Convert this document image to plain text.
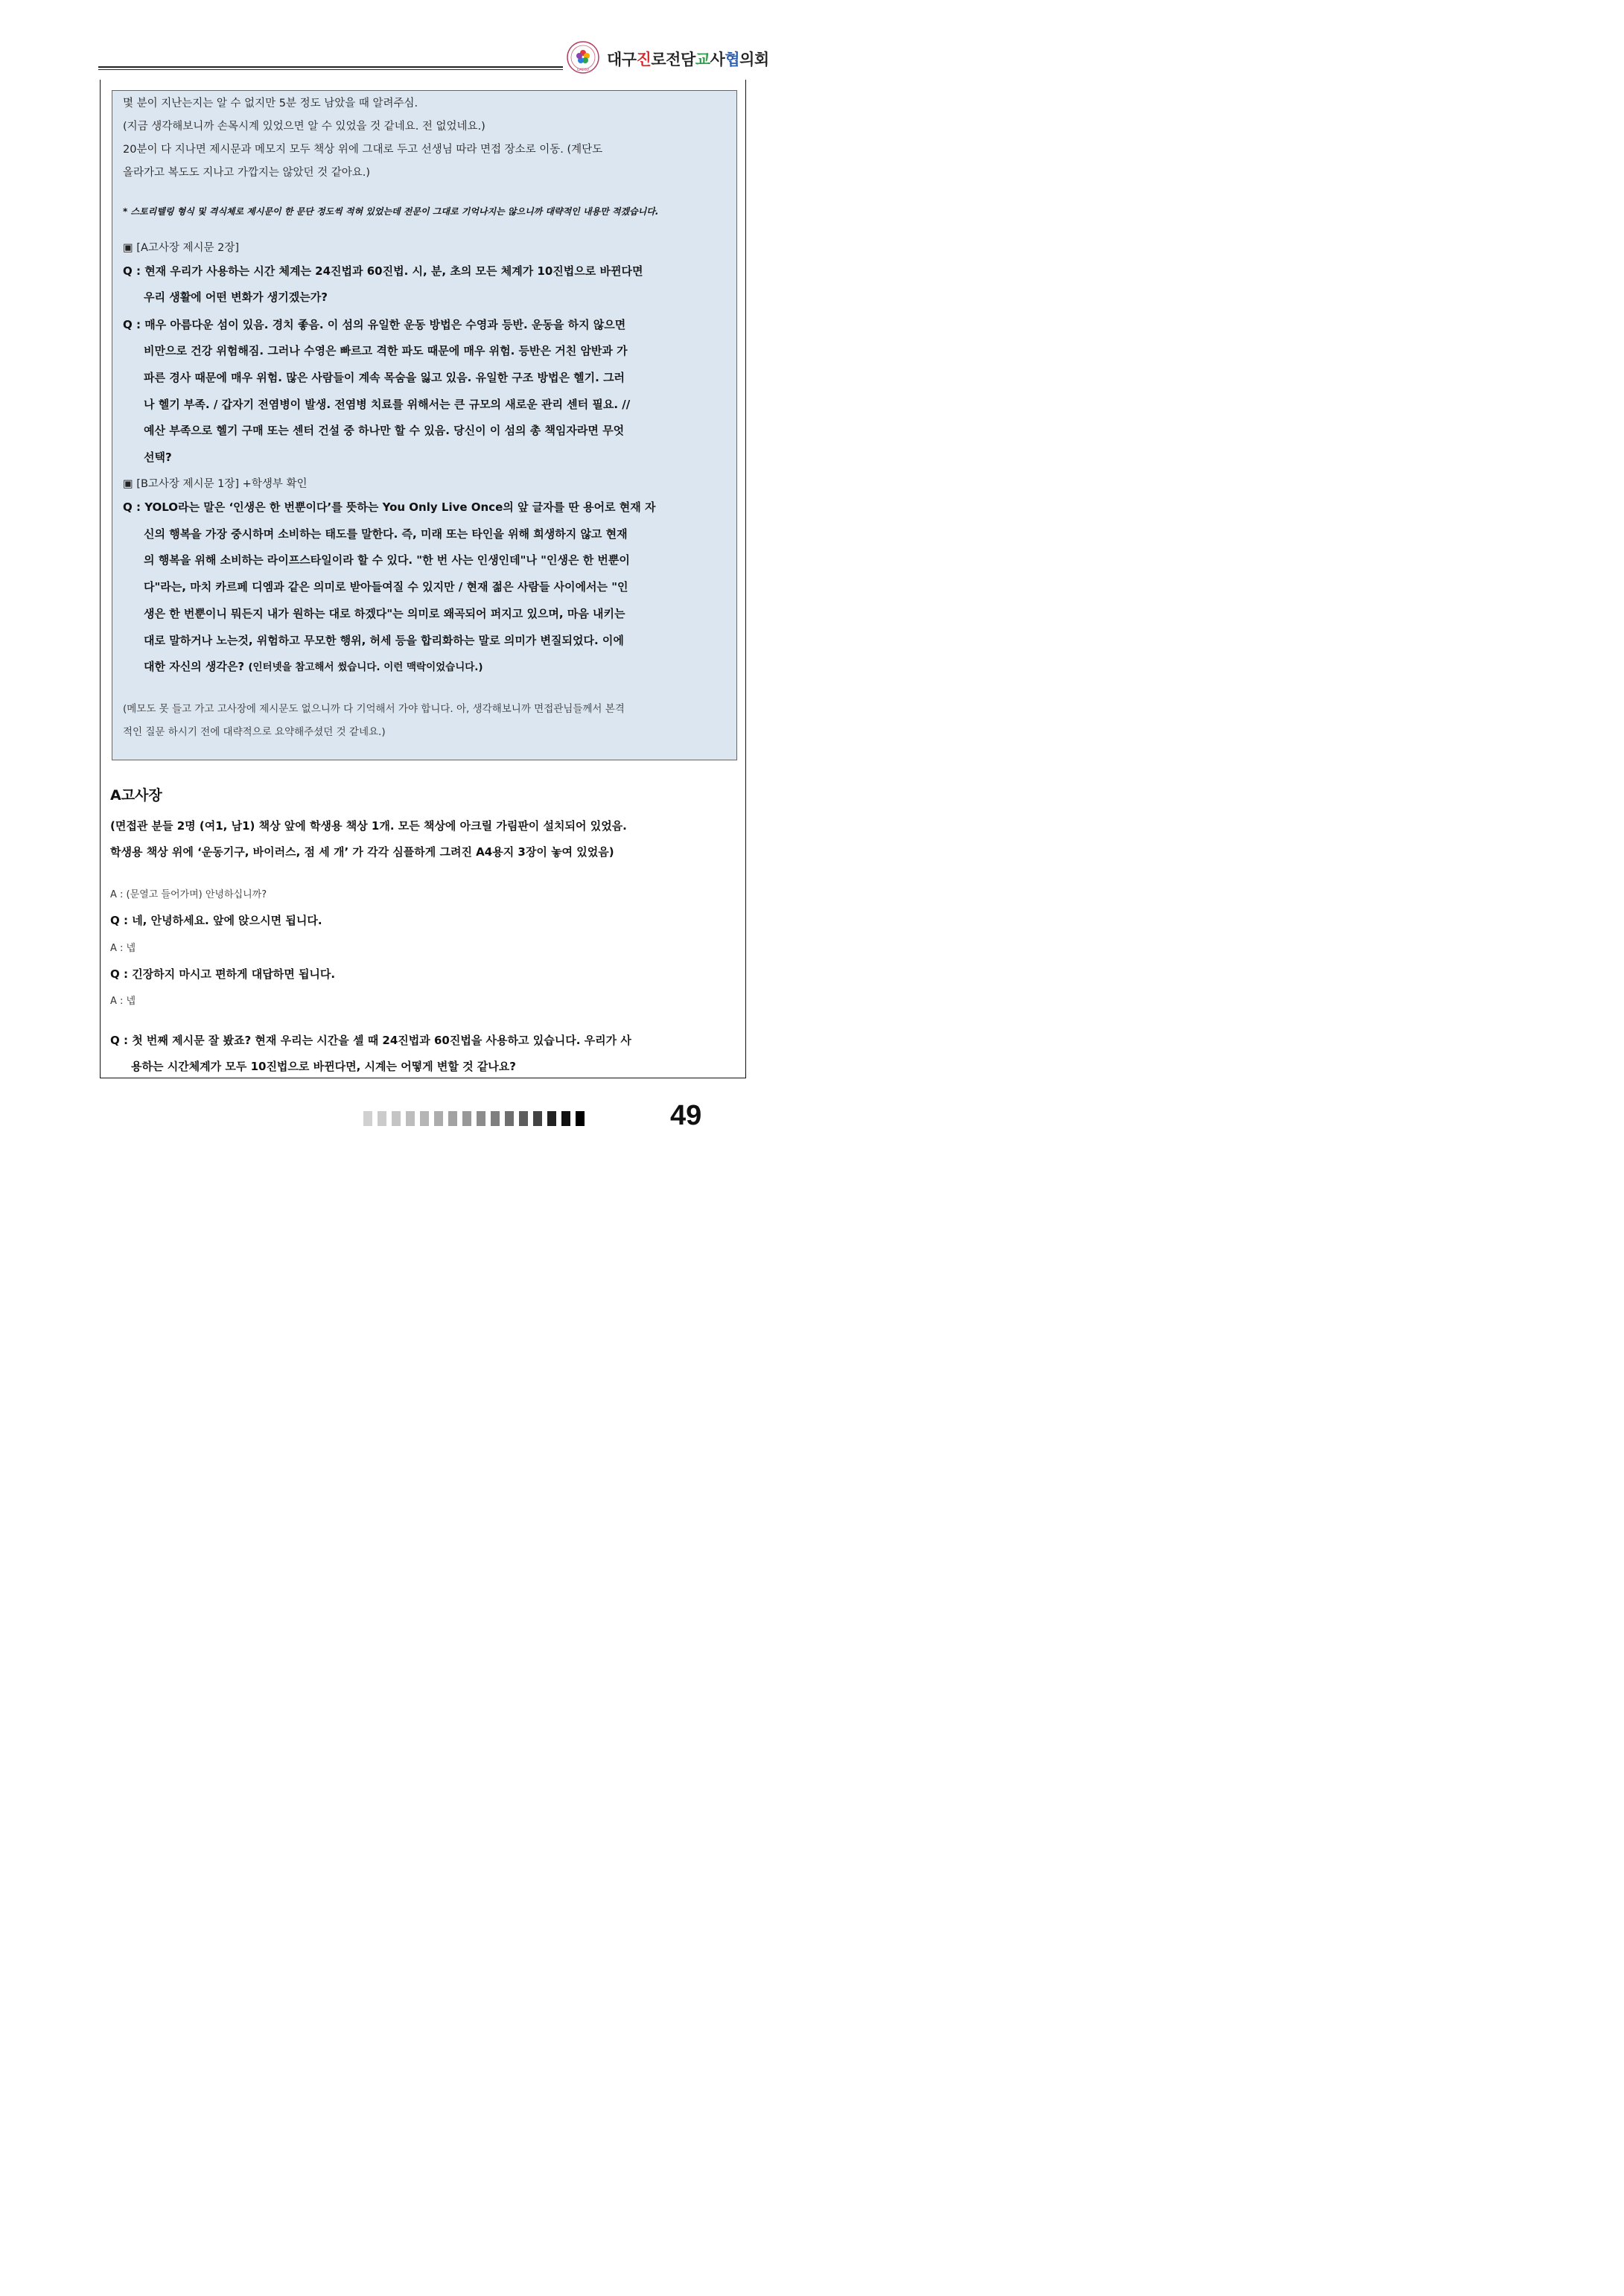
DAEGU
대구진로전담교사협의회
몇 분이 지난는지는 알 수 없지만 5분 정도 남았을 때 알려주심.
(지금 생각해보니까 손목시계 있었으면 알 수 있었을 것 같네요. 전 없었네요.)
20분이 다 지나면 제시문과 메모지 모두 책상 위에 그대로 두고 선생님 따라 면접 장소로 이동. (계단도
올라가고 복도도 지나고 가깝지는 않았던 것 같아요.)
* 스토리텔링 형식 및 격식체로 제시문이 한 문단 정도씩 적혀 있었는데 전문이 그대로 기억나지는 않으니까 대략적인 내용만 적겠습니다.
▣ [A고사장 제시문 2장]
Q : 현재 우리가 사용하는 시간 체계는 24진법과 60진법. 시, 분, 초의 모든 체계가 10진법으로 바뀐다면
우리 생활에 어떤 변화가 생기겠는가?
Q : 매우 아름다운 섬이 있음. 경치 좋음. 이 섬의 유일한 운동 방법은 수영과 등반. 운동을 하지 않으면
비만으로 건강 위험해짐. 그러나 수영은 빠르고 격한 파도 때문에 매우 위험. 등반은 거친 암반과 가
파른 경사 때문에 매우 위험. 많은 사람들이 계속 목숨을 잃고 있음. 유일한 구조 방법은 헬기. 그러
나 헬기 부족. / 갑자기 전염병이 발생. 전염병 치료를 위해서는 큰 규모의 새로운 관리 센터 필요. //
예산 부족으로 헬기 구매 또는 센터 건설 중 하나만 할 수 있음. 당신이 이 섬의 총 책임자라면 무엇
선택?
▣ [B고사장 제시문 1장] +학생부 확인
Q : YOLO라는 말은 ‘인생은 한 번뿐이다’를 뜻하는 You Only Live Once의 앞 글자를 딴 용어로 현재 자
신의 행복을 가장 중시하며 소비하는 태도를 말한다. 즉, 미래 또는 타인을 위해 희생하지 않고 현재
의 행복을 위해 소비하는 라이프스타일이라 할 수 있다. "한 번 사는 인생인데"나 "인생은 한 번뿐이
다"라는, 마치 카르페 디엠과 같은 의미로 받아들여질 수 있지만 / 현재 젊은 사람들 사이에서는 "인
생은 한 번뿐이니 뭐든지 내가 원하는 대로 하겠다"는 의미로 왜곡되어 퍼지고 있으며, 마음 내키는
대로 말하거나 노는것, 위험하고 무모한 행위, 허세 등을 합리화하는 말로 의미가 변질되었다. 이에
대한 자신의 생각은? (인터넷을 참고해서 썼습니다. 이런 맥락이었습니다.)
(메모도 못 들고 가고 고사장에 제시문도 없으니까 다 기억해서 가야 합니다. 아, 생각해보니까 면접관님들께서 본격
적인 질문 하시기 전에 대략적으로 요약해주셨던 것 같네요.)
A고사장
(면접관 분들 2명 (여1, 남1) 책상 앞에 학생용 책상 1개. 모든 책상에 아크릴 가림판이 설치되어 있었음.
학생용 책상 위에 ‘운동기구, 바이러스, 점 세 개’ 가 각각 심플하게 그려진 A4용지 3장이 놓여 있었음)
A : (문열고 들어가며) 안녕하십니까?
Q : 네, 안녕하세요. 앞에 앉으시면 됩니다.
A : 넵
Q : 긴장하지 마시고 편하게 대답하면 됩니다.
A : 넵
Q : 첫 번째 제시문 잘 봤죠? 현재 우리는 시간을 셀 때 24진법과 60진법을 사용하고 있습니다. 우리가 사
용하는 시간체계가 모두 10진법으로 바뀐다면, 시계는 어떻게 변할 것 같나요?
49
